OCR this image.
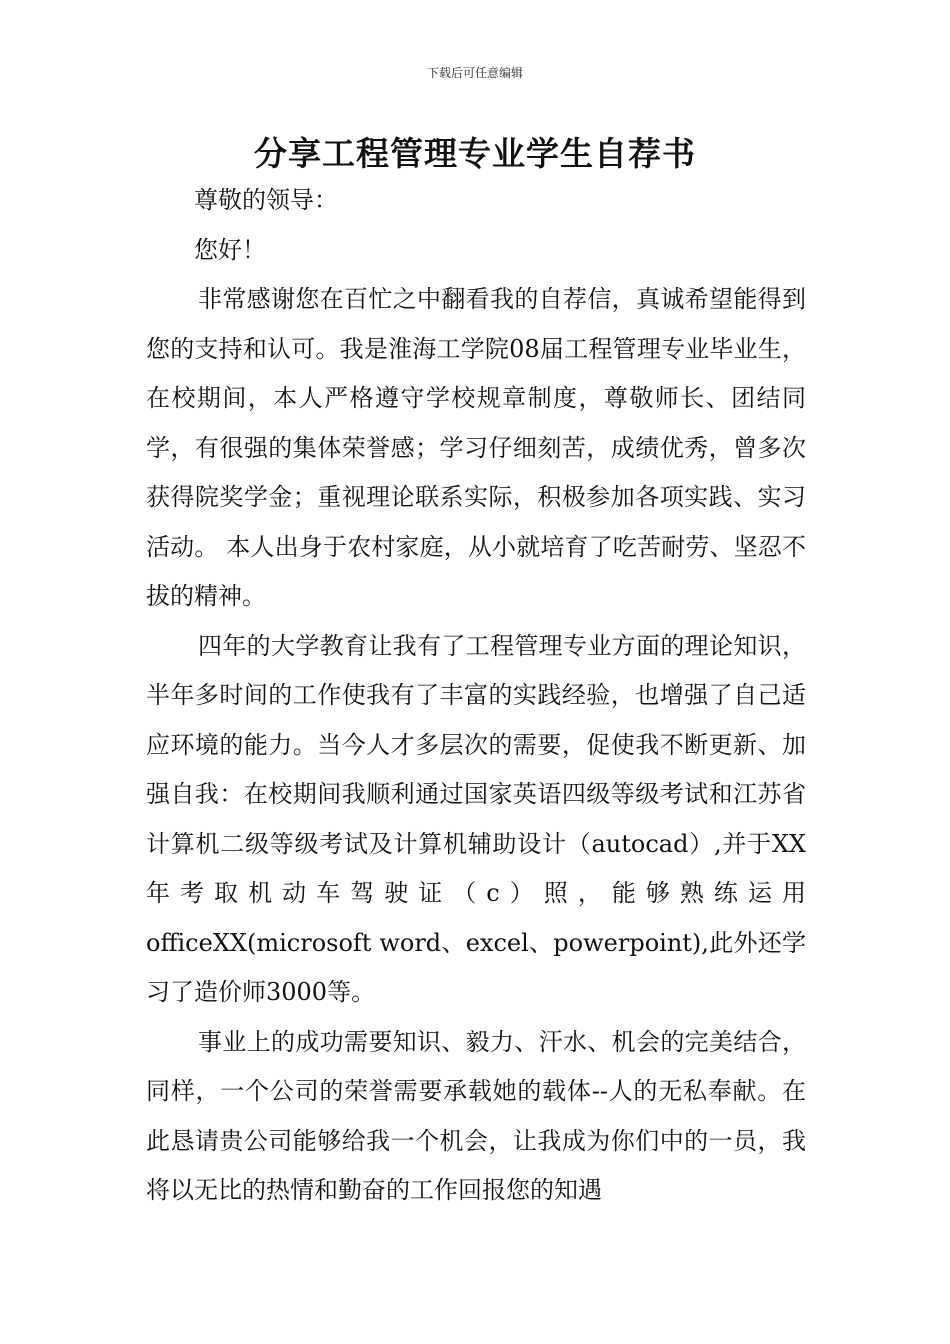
下载后可任意编辑
分享工程管理专业学生自荐书

尊敬的领导：

您好！

非常感谢您在百忙之中翻看我的自荐信，真诚希望能得到您的支持和认可。我是淮海工学院08届工程管理专业毕业生，在校期间，本人严格遵守学校规章制度，尊敬师长、团结同学，有很强的集体荣誉感；学习仔细刻苦，成绩优秀，曾多次获得院奖学金；重视理论联系实际，积极参加各项实践、实习活动。 本人出身于农村家庭，从小就培育了吃苦耐劳、坚忍不拔的精神。

四年的大学教育让我有了工程管理专业方面的理论知识，半年多时间的工作使我有了丰富的实践经验，也增强了自己适应环境的能力。当今人才多层次的需要，促使我不断更新、加强自我：在校期间我顺利通过国家英语四级等级考试和江苏省计算机二级等级考试及计算机辅助设计（autocad）,并于XX年考取机动车驾驶证（c）照，能够熟练运用officeXX(microsoft word、excel、powerpoint),此外还学习了造价师3000等。

事业上的成功需要知识、毅力、汗水、机会的完美结合，同样，一个公司的荣誉需要承载她的载体--人的无私奉献。在此恳请贵公司能够给我一个机会，让我成为你们中的一员，我将以无比的热情和勤奋的工作回报您的知遇
